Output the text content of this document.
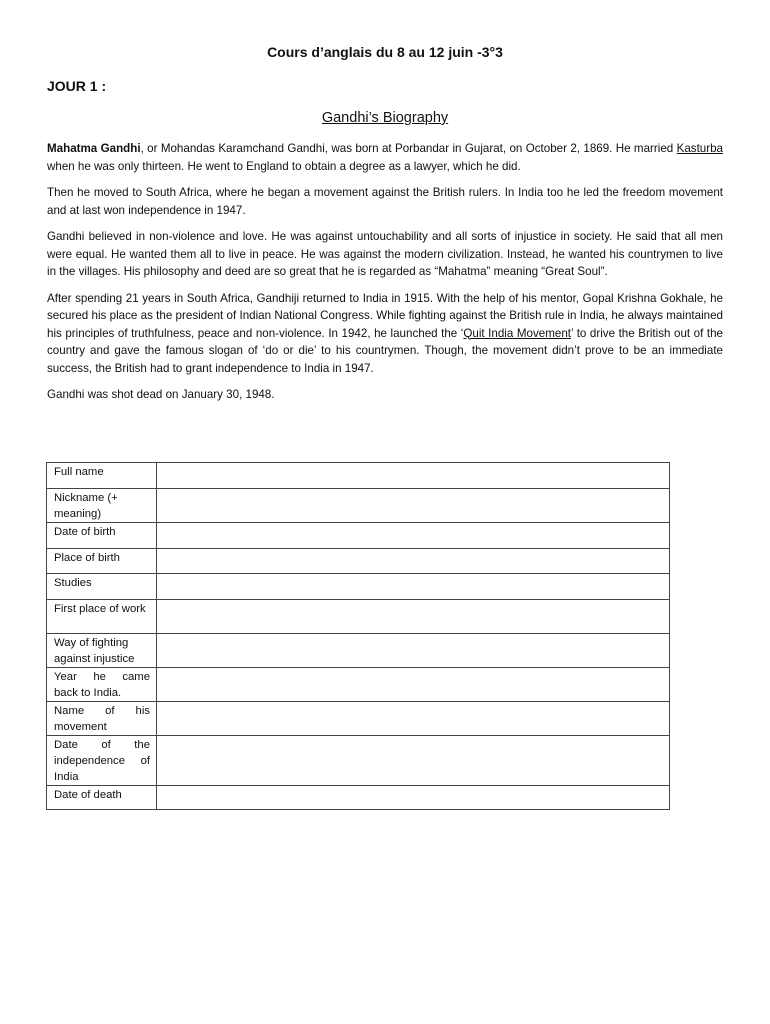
Cours d’anglais du 8 au 12 juin -3°3
JOUR 1 :
Gandhi’s Biography

Mahatma Gandhi, or Mohandas Karamchand Gandhi, was born at Porbandar in Gujarat, on October 2, 1869. He married Kasturba when he was only thirteen. He went to England to obtain a degree as a lawyer, which he did.

Then he moved to South Africa, where he began a movement against the British rulers. In India too he led the freedom movement and at last won independence in 1947.

Gandhi believed in non-violence and love. He was against untouchability and all sorts of injustice in society. He said that all men were equal. He wanted them all to live in peace. He was against the modern civilization. Instead, he wanted his countrymen to live in the villages. His philosophy and deed are so great that he is regarded as “Mahatma” meaning “Great Soul”.

After spending 21 years in South Africa, Gandhiji returned to India in 1915. With the help of his mentor, Gopal Krishna Gokhale, he secured his place as the president of Indian National Congress. While fighting against the British rule in India, he always maintained his principles of truthfulness, peace and non-violence. In 1942, he launched the ‘Quit India Movement’ to drive the British out of the country and gave the famous slogan of ‘do or die’ to his countrymen. Though, the movement didn’t prove to be an immediate success, the British had to grant independence to India in 1947.

Gandhi was shot dead on January 30, 1948.

Full name	
Nickname (+ meaning)	
Date of birth	
Place of birth	
Studies	
First place of work	
Way of fighting against injustice	
Year he came back to India.	
Name of his movement	
Date of the independence of India	
Date of death	
